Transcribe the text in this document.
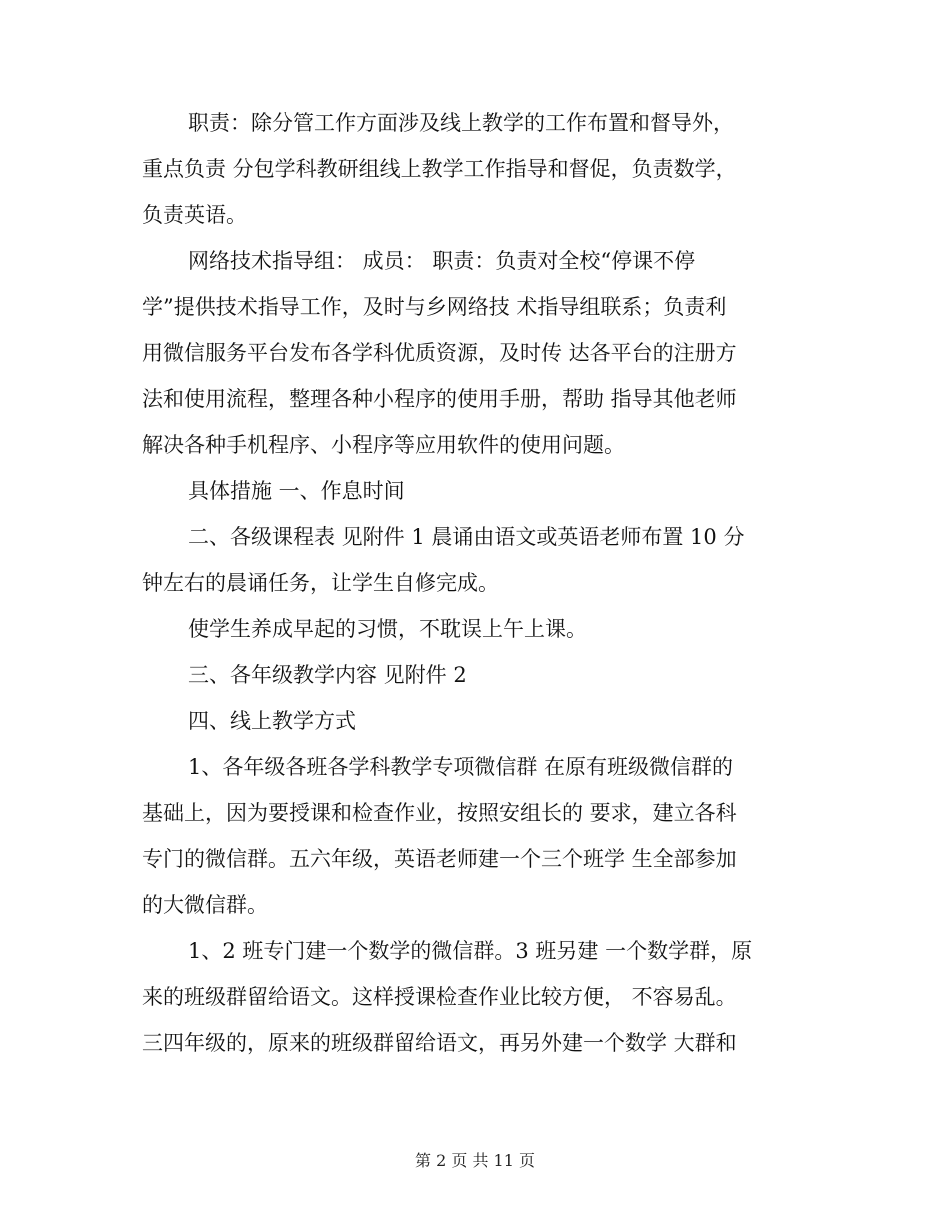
职责：除分管工作方面涉及线上教学的工作布置和督导外，
重点负责 分包学科教研组线上教学工作指导和督促，负责数学，
负责英语。
网络技术指导组： 成员： 职责：负责对全校“停课不停
学”提供技术指导工作，及时与乡网络技 术指导组联系；负责利
用微信服务平台发布各学科优质资源，及时传 达各平台的注册方
法和使用流程，整理各种小程序的使用手册，帮助 指导其他老师
解决各种手机程序、小程序等应用软件的使用问题。
具体措施 一、作息时间
二、各级课程表 见附件 1 晨诵由语文或英语老师布置 10 分
钟左右的晨诵任务，让学生自修完成。
使学生养成早起的习惯，不耽误上午上课。
三、各年级教学内容 见附件 2
四、线上教学方式
1、各年级各班各学科教学专项微信群 在原有班级微信群的
基础上，因为要授课和检查作业，按照安组长的 要求，建立各科
专门的微信群。五六年级，英语老师建一个三个班学 生全部参加
的大微信群。
1、2 班专门建一个数学的微信群。3 班另建 一个数学群，原
来的班级群留给语文。这样授课检查作业比较方便， 不容易乱。
三四年级的，原来的班级群留给语文，再另外建一个数学 大群和

第 2 页 共 11 页
